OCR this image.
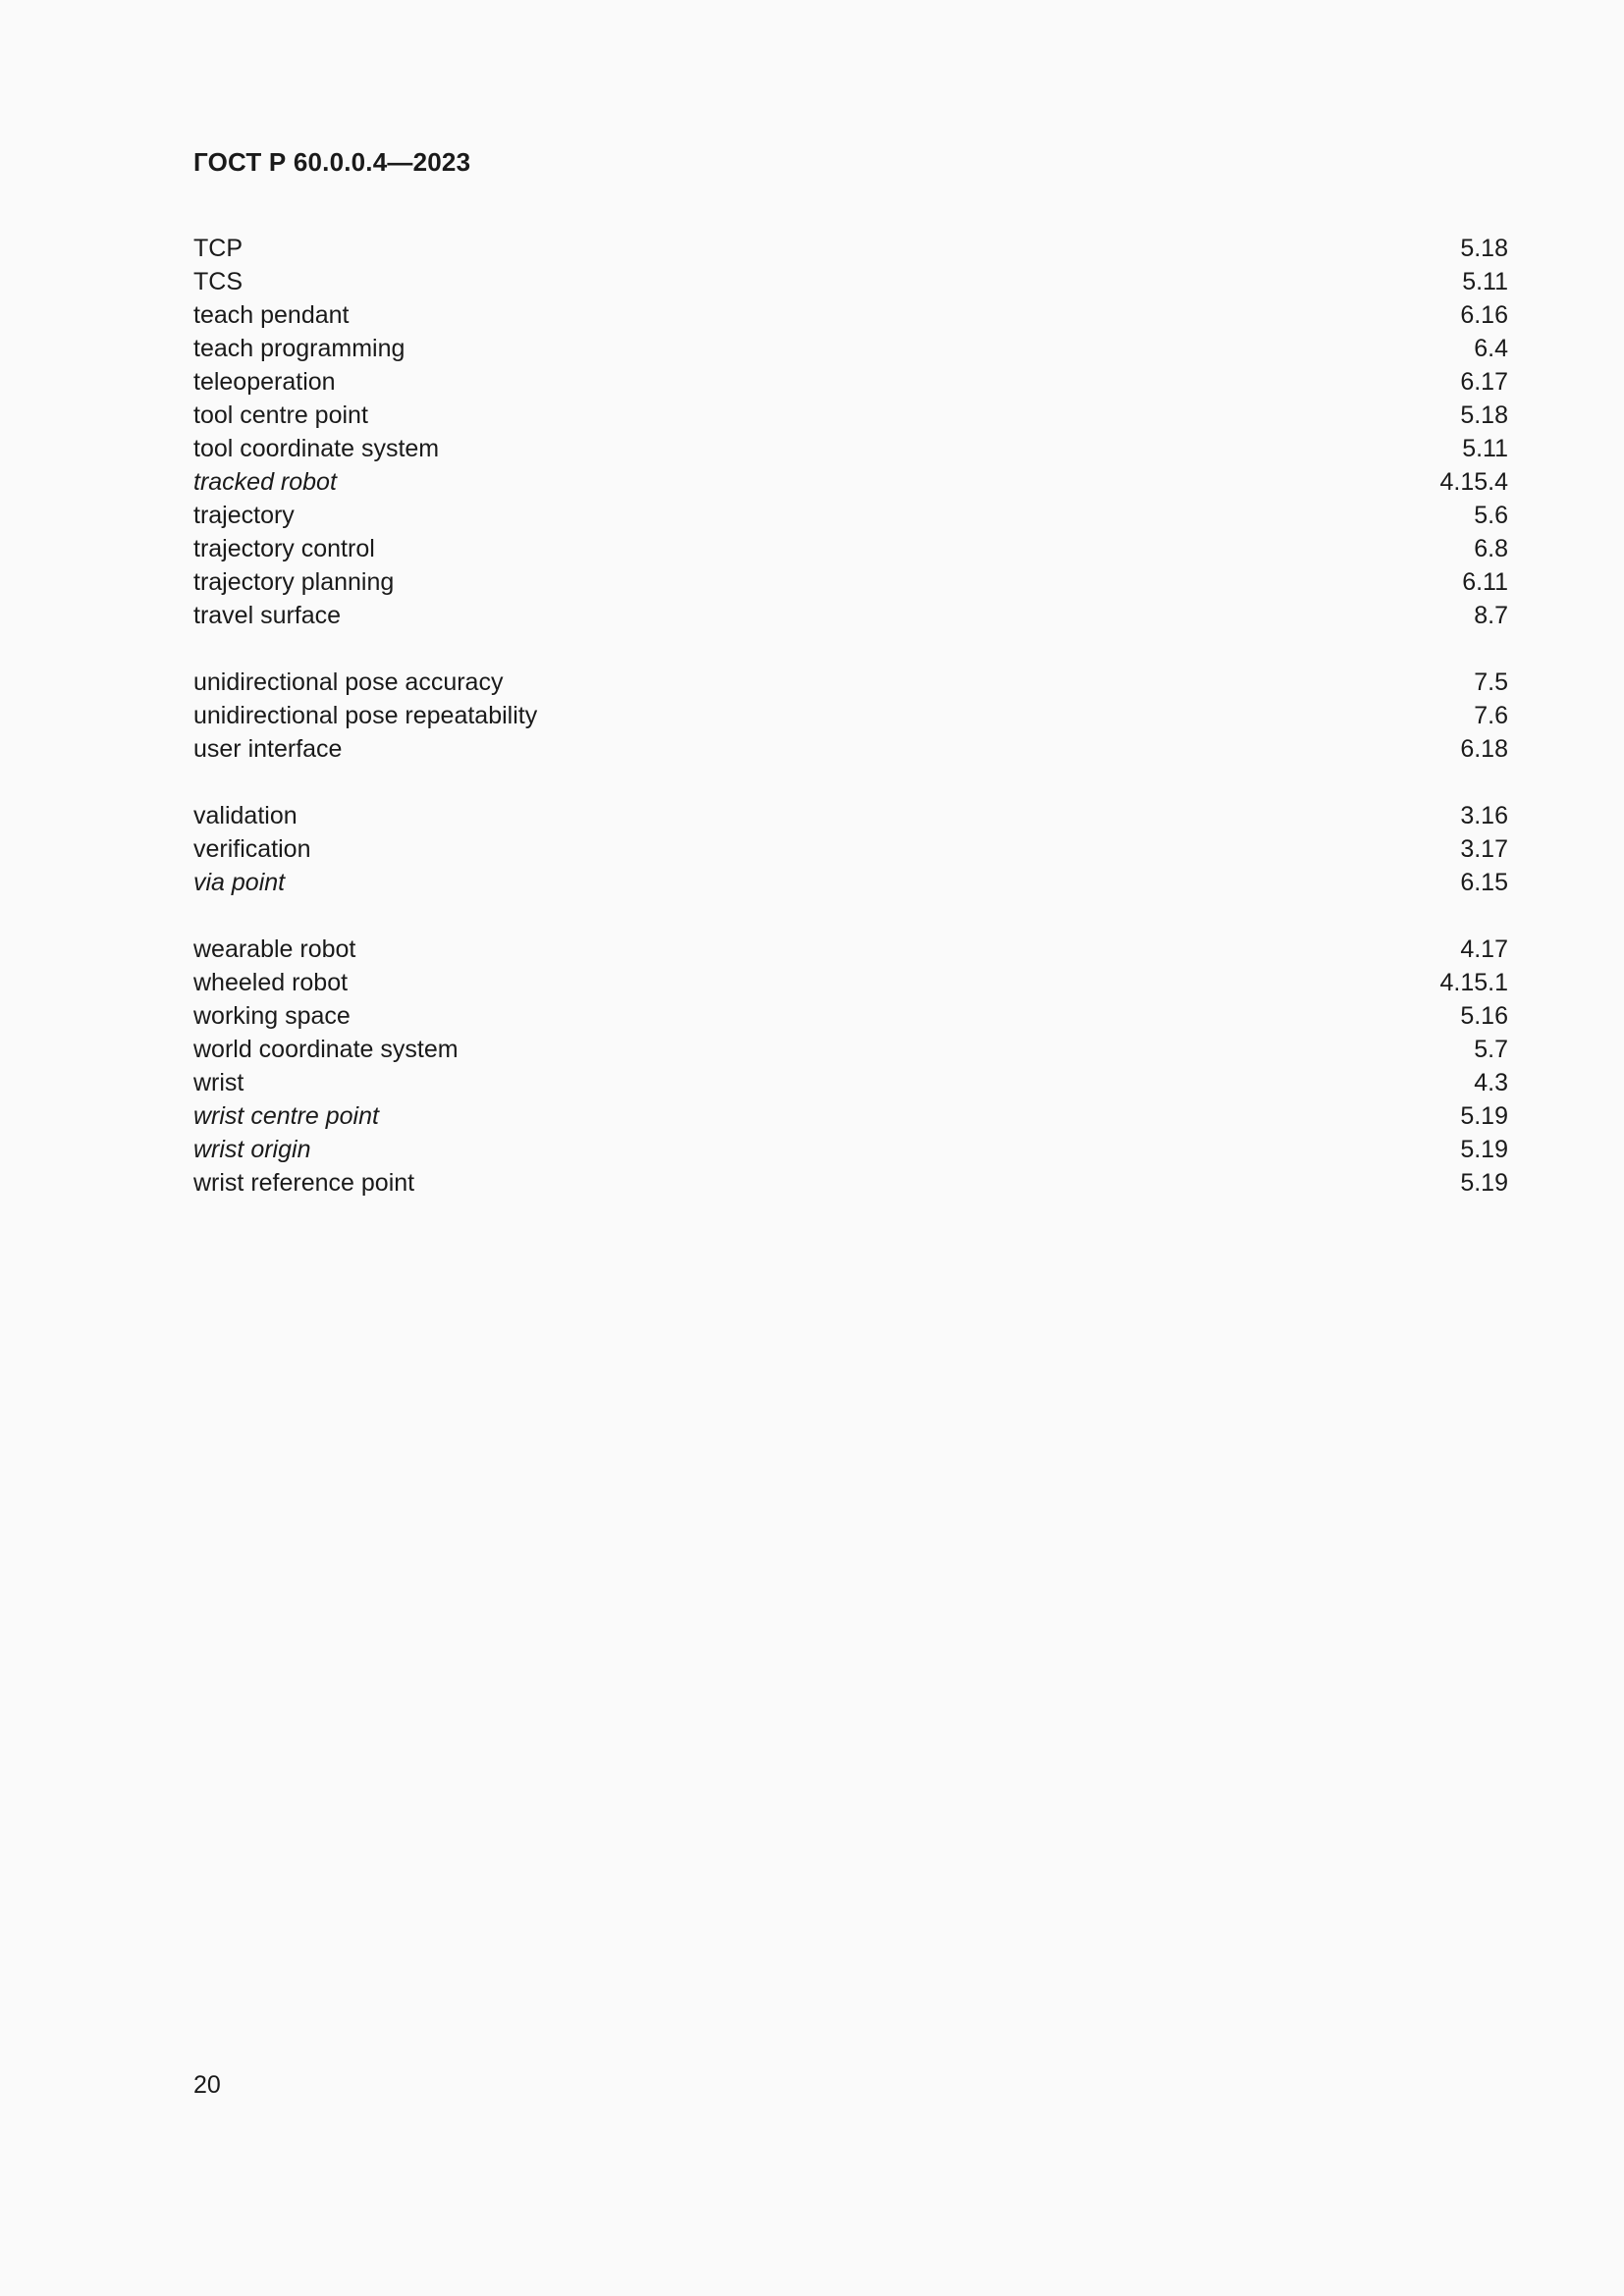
ГОСТ Р 60.0.0.4—2023
TCP	5.18
TCS	5.11
teach pendant	6.16
teach programming	6.4
teleoperation	6.17
tool centre point	5.18
tool coordinate system	5.11
tracked robot	4.15.4
trajectory	5.6
trajectory control	6.8
trajectory planning	6.11
travel surface	8.7
unidirectional pose accuracy	7.5
unidirectional pose repeatability	7.6
user interface	6.18
validation	3.16
verification	3.17
via point	6.15
wearable robot	4.17
wheeled robot	4.15.1
working space	5.16
world coordinate system	5.7
wrist	4.3
wrist centre point	5.19
wrist origin	5.19
wrist reference point	5.19
20
